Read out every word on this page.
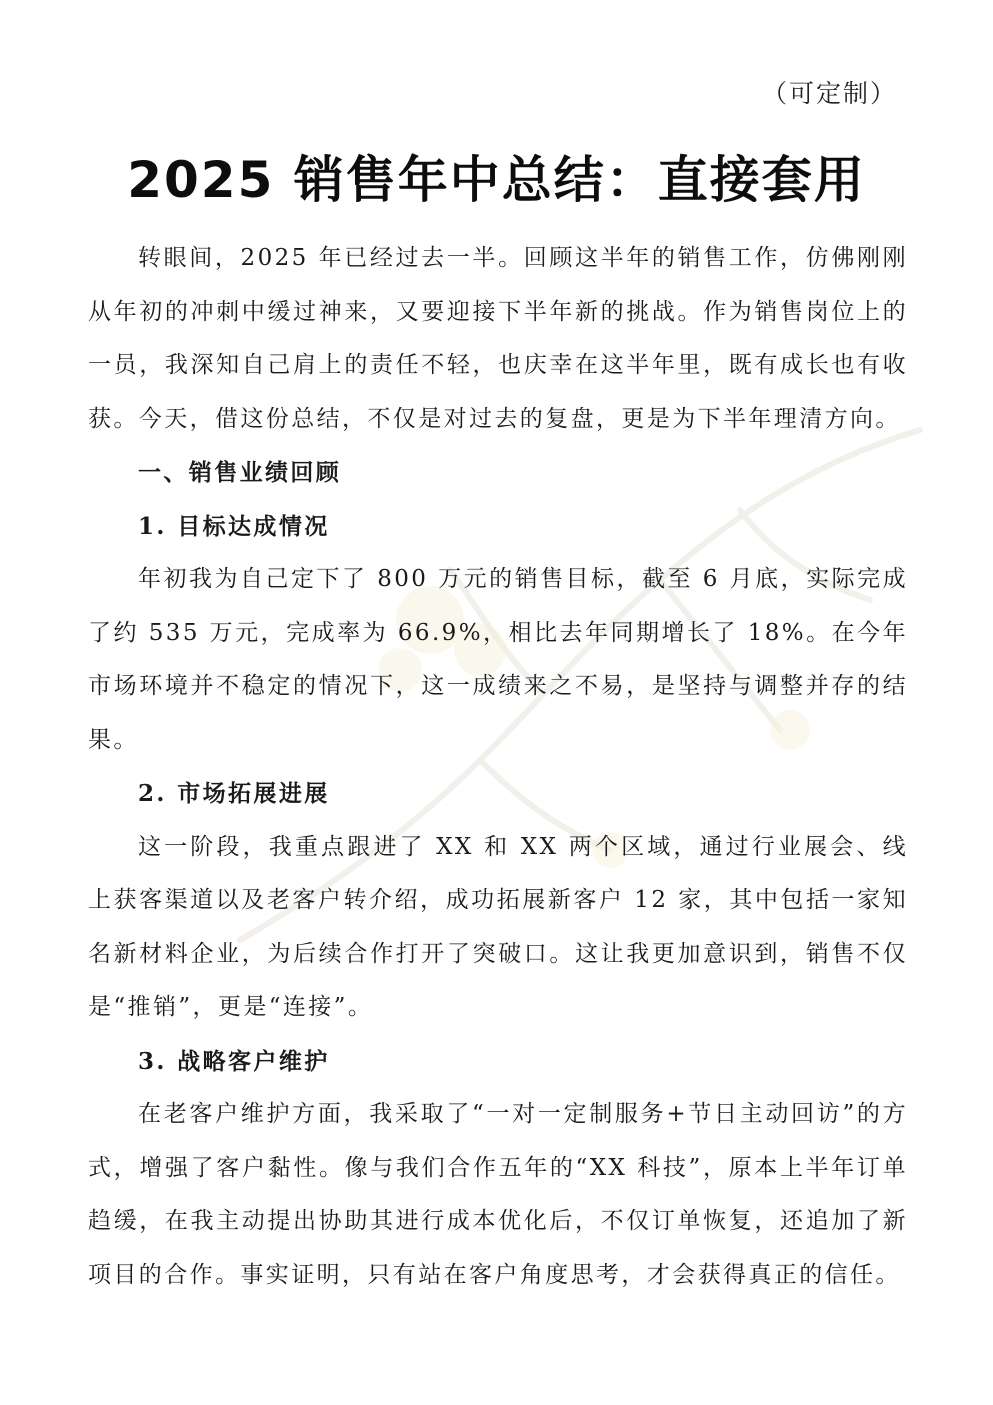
（可定制）
2025 销售年中总结：直接套用

转眼间，2025 年已经过去一半。回顾这半年的销售工作，仿佛刚刚从年初的冲刺中缓过神来，又要迎接下半年新的挑战。作为销售岗位上的一员，我深知自己肩上的责任不轻，也庆幸在这半年里，既有成长也有收获。今天，借这份总结，不仅是对过去的复盘，更是为下半年理清方向。

一、销售业绩回顾

1. 目标达成情况

年初我为自己定下了 800 万元的销售目标，截至 6 月底，实际完成了约 535 万元，完成率为 66.9%，相比去年同期增长了 18%。在今年市场环境并不稳定的情况下，这一成绩来之不易，是坚持与调整并存的结果。

2. 市场拓展进展

这一阶段，我重点跟进了 XX 和 XX 两个区域，通过行业展会、线上获客渠道以及老客户转介绍，成功拓展新客户 12 家，其中包括一家知名新材料企业，为后续合作打开了突破口。这让我更加意识到，销售不仅是“推销”，更是“连接”。

3. 战略客户维护

在老客户维护方面，我采取了“一对一定制服务+节日主动回访”的方式，增强了客户黏性。像与我们合作五年的“XX 科技”，原本上半年订单趋缓，在我主动提出协助其进行成本优化后，不仅订单恢复，还追加了新项目的合作。事实证明，只有站在客户角度思考，才会获得真正的信任。
